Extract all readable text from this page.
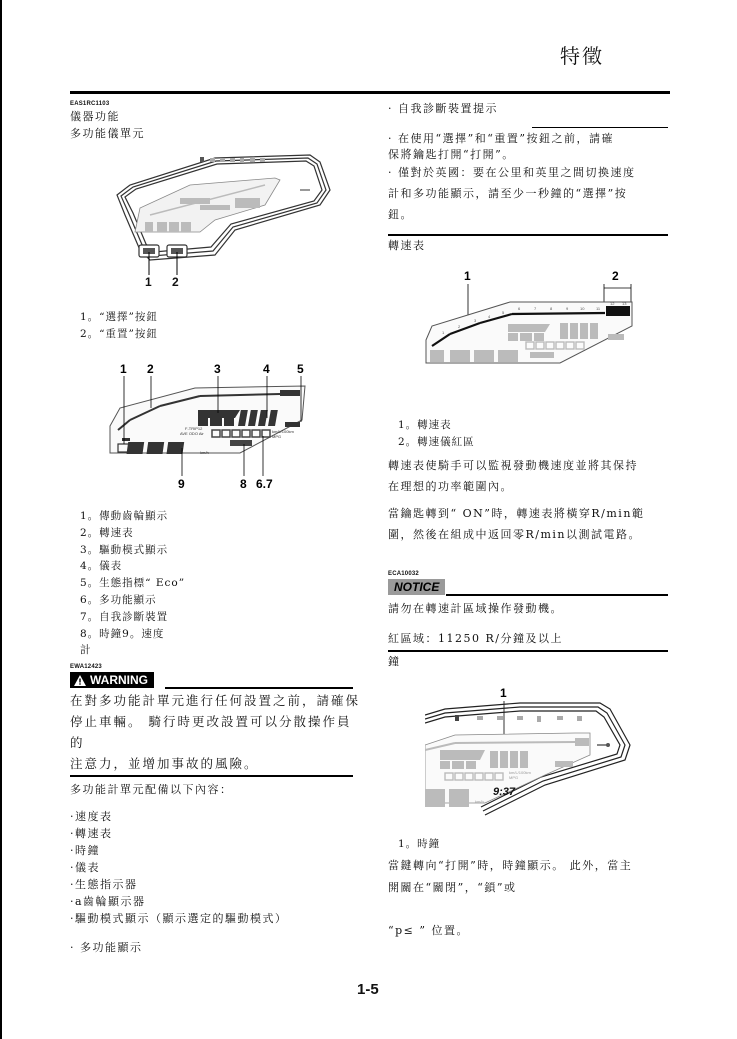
特徵
EAS1RC1103
儀器功能
多功能儀單元
1 2
1。“選擇”按鈕
2。“重置”按鈕
1 2	3	4 5
9	8 6,7
F-TRIP12
AVE ODO Air	km/L/100km
MPG
km/h
1。傳動齒輪顯示
2。轉速表
3。驅動模式顯示
4。儀表
5。生態指標“ Eco”
6。多功能顯示
7。自我診斷裝置
8。時鐘9。速度
計
EWA12423
WARNING
在對多功能計單元進行任何設置之前，請確保
停止車輛。 騎行時更改設置可以分散操作員的
注意力，並增加事故的風險。
多功能計單元配備以下內容：
·速度表
·轉速表
·時鐘
·儀表
·生態指示器
·a齒輪顯示器
·驅動模式顯示（顯示選定的驅動模式）
· 多功能顯示
· 自我診斷裝置提示
· 在使用“選擇”和“重置”按鈕之前，請確
保將鑰匙打開“打開”。
· 僅對於英國：要在公里和英里之間切換速度
計和多功能顯示，請至少一秒鐘的“選擇”按
鈕。
轉速表
1	2
1
2
3
4
5
6	7	8	9	10	11
12 13
1。轉速表
2。轉速儀紅區
轉速表使騎手可以監視發動機速度並將其保持
在理想的功率範圍內。
當鑰匙轉到“ ON”時，轉速表將橫穿R/min範
圍，然後在組成中返回零R/min以測試電路。
ECA10032
NOTICE
請勿在轉速計區域操作發動機。
紅區域：11250 R/分鐘及以上
鐘
1
9:37
km/L/100km
MPG
km/h
1。時鐘
當鍵轉向“打開”時，時鐘顯示。 此外，當主
開關在“關閉”，“鎖”或
“p≤ ” 位置。
1-5
